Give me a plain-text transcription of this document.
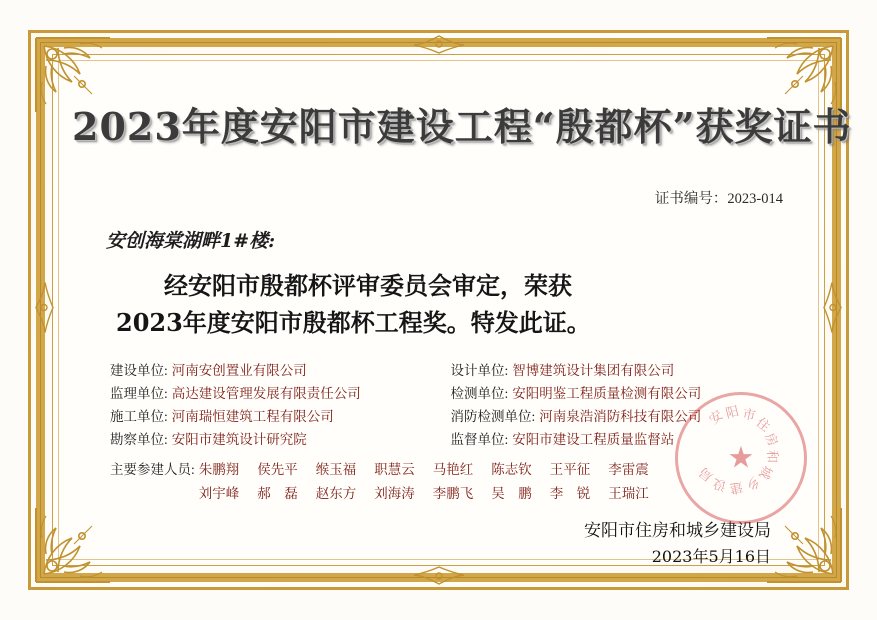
2023年度安阳市建设工程“殷都杯”获奖证书
证书编号：2023-014
安创海棠湖畔1#楼:
经安阳市殷都杯评审委员会审定，荣获
2023年度安阳市殷都杯工程奖。特发此证。
建设单位: 河南安创置业有限公司	设计单位: 智博建筑设计集团有限公司
监理单位: 高达建设管理发展有限责任公司	检测单位: 安阳明鉴工程质量检测有限公司
施工单位: 河南瑞恒建筑工程有限公司	消防检测单位: 河南泉浩消防科技有限公司
勘察单位: 安阳市建筑设计研究院	监督单位: 安阳市建设工程质量监督站
主要参建人员: 朱鹏翔 侯先平 缑玉福 职慧云 马艳红 陈志钦 王平征 李雷震
刘宇峰 郝　磊 赵东方 刘海涛 李鹏飞 吴　鹏 李　锐 王瑞江
安阳市住房和城乡建设局
2023年5月16日
★
安
阳 市
住
房
和
城
乡
建
设
局
